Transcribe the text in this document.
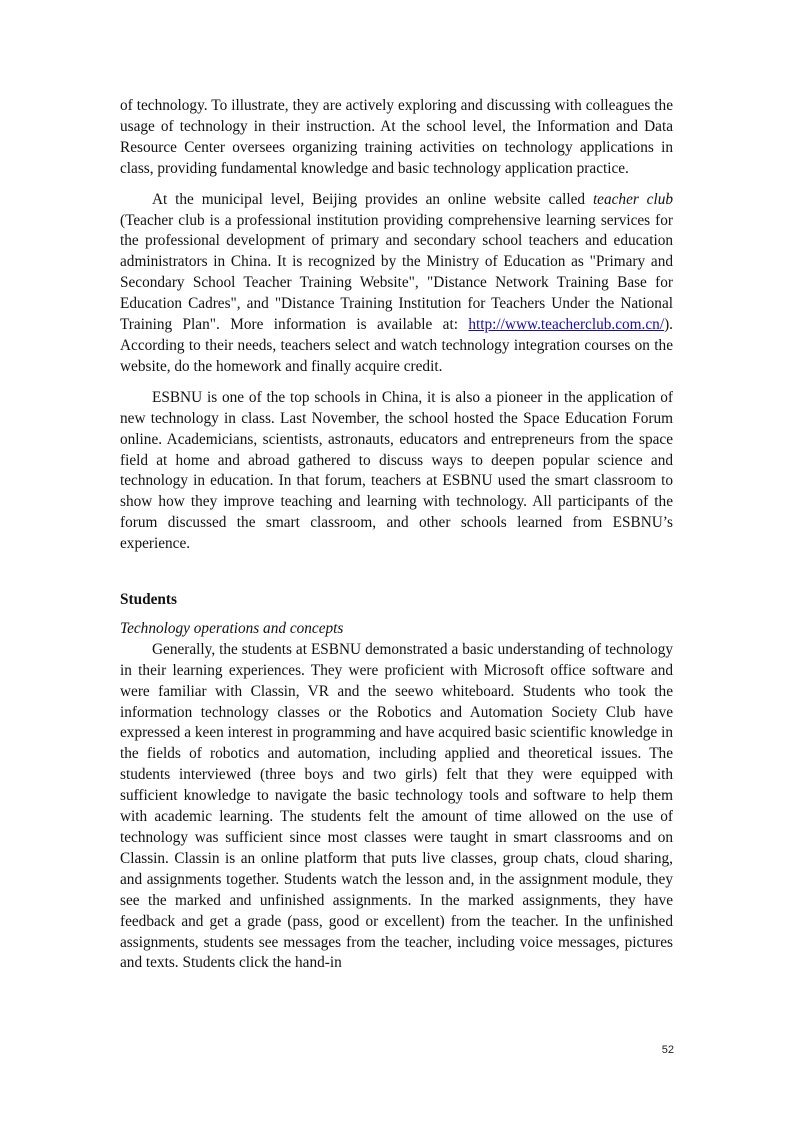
of technology. To illustrate, they are actively exploring and discussing with colleagues the usage of technology in their instruction. At the school level, the Information and Data Resource Center oversees organizing training activities on technology applications in class, providing fundamental knowledge and basic technology application practice.

At the municipal level, Beijing provides an online website called teacher club (Teacher club is a professional institution providing comprehensive learning services for the professional development of primary and secondary school teachers and education administrators in China. It is recognized by the Ministry of Education as "Primary and Secondary School Teacher Training Website", "Distance Network Training Base for Education Cadres", and "Distance Training Institution for Teachers Under the National Training Plan". More information is available at: http://www.teacherclub.com.cn/). According to their needs, teachers select and watch technology integration courses on the website, do the homework and finally acquire credit.

ESBNU is one of the top schools in China, it is also a pioneer in the application of new technology in class. Last November, the school hosted the Space Education Forum online. Academicians, scientists, astronauts, educators and entrepreneurs from the space field at home and abroad gathered to discuss ways to deepen popular science and technology in education. In that forum, teachers at ESBNU used the smart classroom to show how they improve teaching and learning with technology. All participants of the forum discussed the smart classroom, and other schools learned from ESBNU’s experience.

Students
Technology operations and concepts

Generally, the students at ESBNU demonstrated a basic understanding of technology in their learning experiences. They were proficient with Microsoft office software and were familiar with Classin, VR and the seewo whiteboard. Students who took the information technology classes or the Robotics and Automation Society Club have expressed a keen interest in programming and have acquired basic scientific knowledge in the fields of robotics and automation, including applied and theoretical issues. The students interviewed (three boys and two girls) felt that they were equipped with sufficient knowledge to navigate the basic technology tools and software to help them with academic learning. The students felt the amount of time allowed on the use of technology was sufficient since most classes were taught in smart classrooms and on Classin. Classin is an online platform that puts live classes, group chats, cloud sharing, and assignments together. Students watch the lesson and, in the assignment module, they see the marked and unfinished assignments. In the marked assignments, they have feedback and get a grade (pass, good or excellent) from the teacher. In the unfinished assignments, students see messages from the teacher, including voice messages, pictures and texts. Students click the hand-in

52
